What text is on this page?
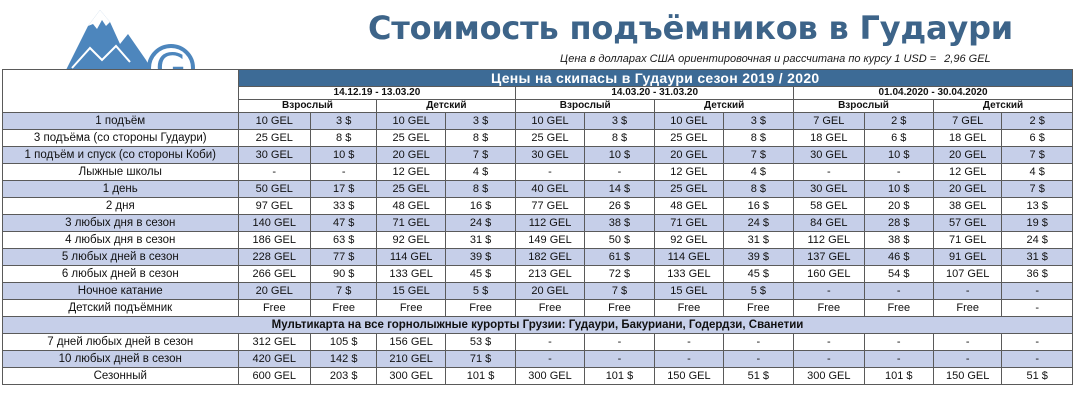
Стоимость подъёмников в Гудаури
Цена в долларах США ориентировочная и рассчитана по курсу 1 USD = 2,96 GEL
	Цены на скипасы в Гудаури сезон 2019 / 2020											
	14.12.19 - 13.03.20				14.03.20 - 31.03.20				01.04.2020 - 30.04.2020			
	Взрослый		Детский		Взрослый		Детский		Взрослый		Детский	
1 подъём	10 GEL	3 $	10 GEL	3 $	10 GEL	3 $	10 GEL	3 $	7 GEL	2 $	7 GEL	2 $
3 подъёма (со стороны Гудаури)	25 GEL	8 $	25 GEL	8 $	25 GEL	8 $	25 GEL	8 $	18 GEL	6 $	18 GEL	6 $
1 подъём и спуск (со стороны Коби)	30 GEL	10 $	20 GEL	7 $	30 GEL	10 $	20 GEL	7 $	30 GEL	10 $	20 GEL	7 $
Лыжные школы	-	-	12 GEL	4 $	-	-	12 GEL	4 $	-	-	12 GEL	4 $
1 день	50 GEL	17 $	25 GEL	8 $	40 GEL	14 $	25 GEL	8 $	30 GEL	10 $	20 GEL	7 $
2 дня	97 GEL	33 $	48 GEL	16 $	77 GEL	26 $	48 GEL	16 $	58 GEL	20 $	38 GEL	13 $
3 любых дня в сезон	140 GEL	47 $	71 GEL	24 $	112 GEL	38 $	71 GEL	24 $	84 GEL	28 $	57 GEL	19 $
4 любых дня в сезон	186 GEL	63 $	92 GEL	31 $	149 GEL	50 $	92 GEL	31 $	112 GEL	38 $	71 GEL	24 $
5 любых дней в сезон	228 GEL	77 $	114 GEL	39 $	182 GEL	61 $	114 GEL	39 $	137 GEL	46 $	91 GEL	31 $
6 любых дней в сезон	266 GEL	90 $	133 GEL	45 $	213 GEL	72 $	133 GEL	45 $	160 GEL	54 $	107 GEL	36 $
Ночное катание	20 GEL	7 $	15 GEL	5 $	20 GEL	7 $	15 GEL	5 $	-	-	-	-
Детский подъёмник	Free	Free	Free	Free	Free	Free	Free	Free	Free	Free	Free	-
Мультикарта на все горнолыжные курорты Грузии: Гудаури, Бакуриани, Годердзи, Сванетии												
7 дней любых дней в сезон	312 GEL	105 $	156 GEL	53 $	-	-	-	-	-	-	-	-
10 любых дней в сезон	420 GEL	142 $	210 GEL	71 $	-	-	-	-	-	-	-	-
Сезонный	600 GEL	203 $	300 GEL	101 $	300 GEL	101 $	150 GEL	51 $	300 GEL	101 $	150 GEL	51 $
